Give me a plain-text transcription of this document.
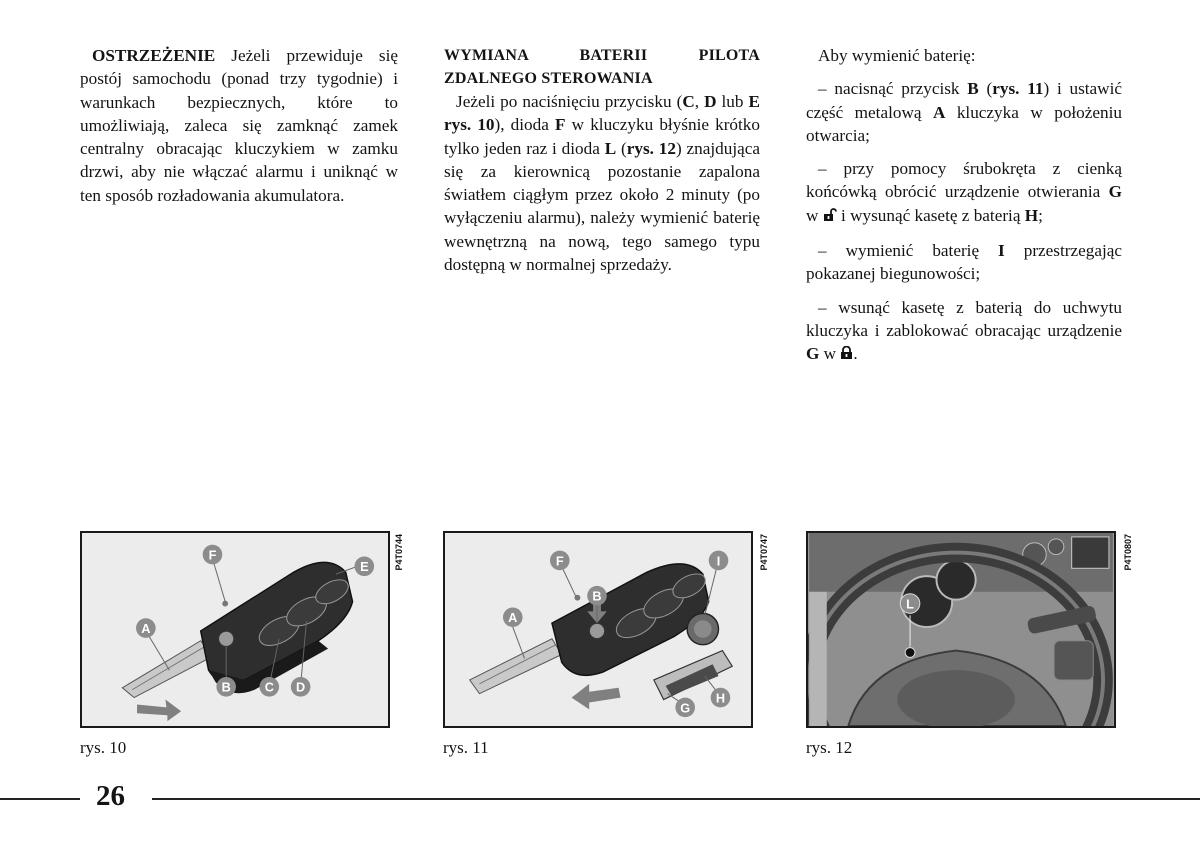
OSTRZEŻENIE Jeżeli przewiduje się postój samochodu (ponad trzy tygodnie) i warunkach bezpiecznych, które to umożliwiają, zaleca się zamknąć zamek centralny obracając kluczykiem w zamku drzwi, aby nie włączać alarmu i uniknąć w ten sposób rozładowania akumulatora.

WYMIANA BATERII PILOTA ZDALNEGO STEROWANIA

Jeżeli po naciśnięciu przycisku (C, D lub E rys. 10), dioda F w kluczyku błyśnie krótko tylko jeden raz i dioda L (rys. 12) znajdująca się za kierownicą pozostanie zapalona światłem ciągłym przez około 2 minuty (po wyłączeniu alarmu), należy wymienić baterię wewnętrzną na nową, tego samego typu dostępną w normalnej sprzedaży.

Aby wymienić baterię:

– nacisnąć przycisk B (rys. 11) i ustawić część metalową A kluczyka w położeniu otwarcia;

– przy pomocy śrubokręta z cienką końcówką obrócić urządzenie otwierania G w  i wysunąć kasetę z baterią H;

– wymienić baterię I przestrzegając pokazanej biegunowości;

– wsunąć kasetę z baterią do uchwytu kluczyka i zablokować obracając urządzenie G w .

F
E
A
B	C D
P4T0744
rys. 10
F
B
I
A
G
H
P4T0747
rys. 11
L
P4T0807
rys. 12
26
